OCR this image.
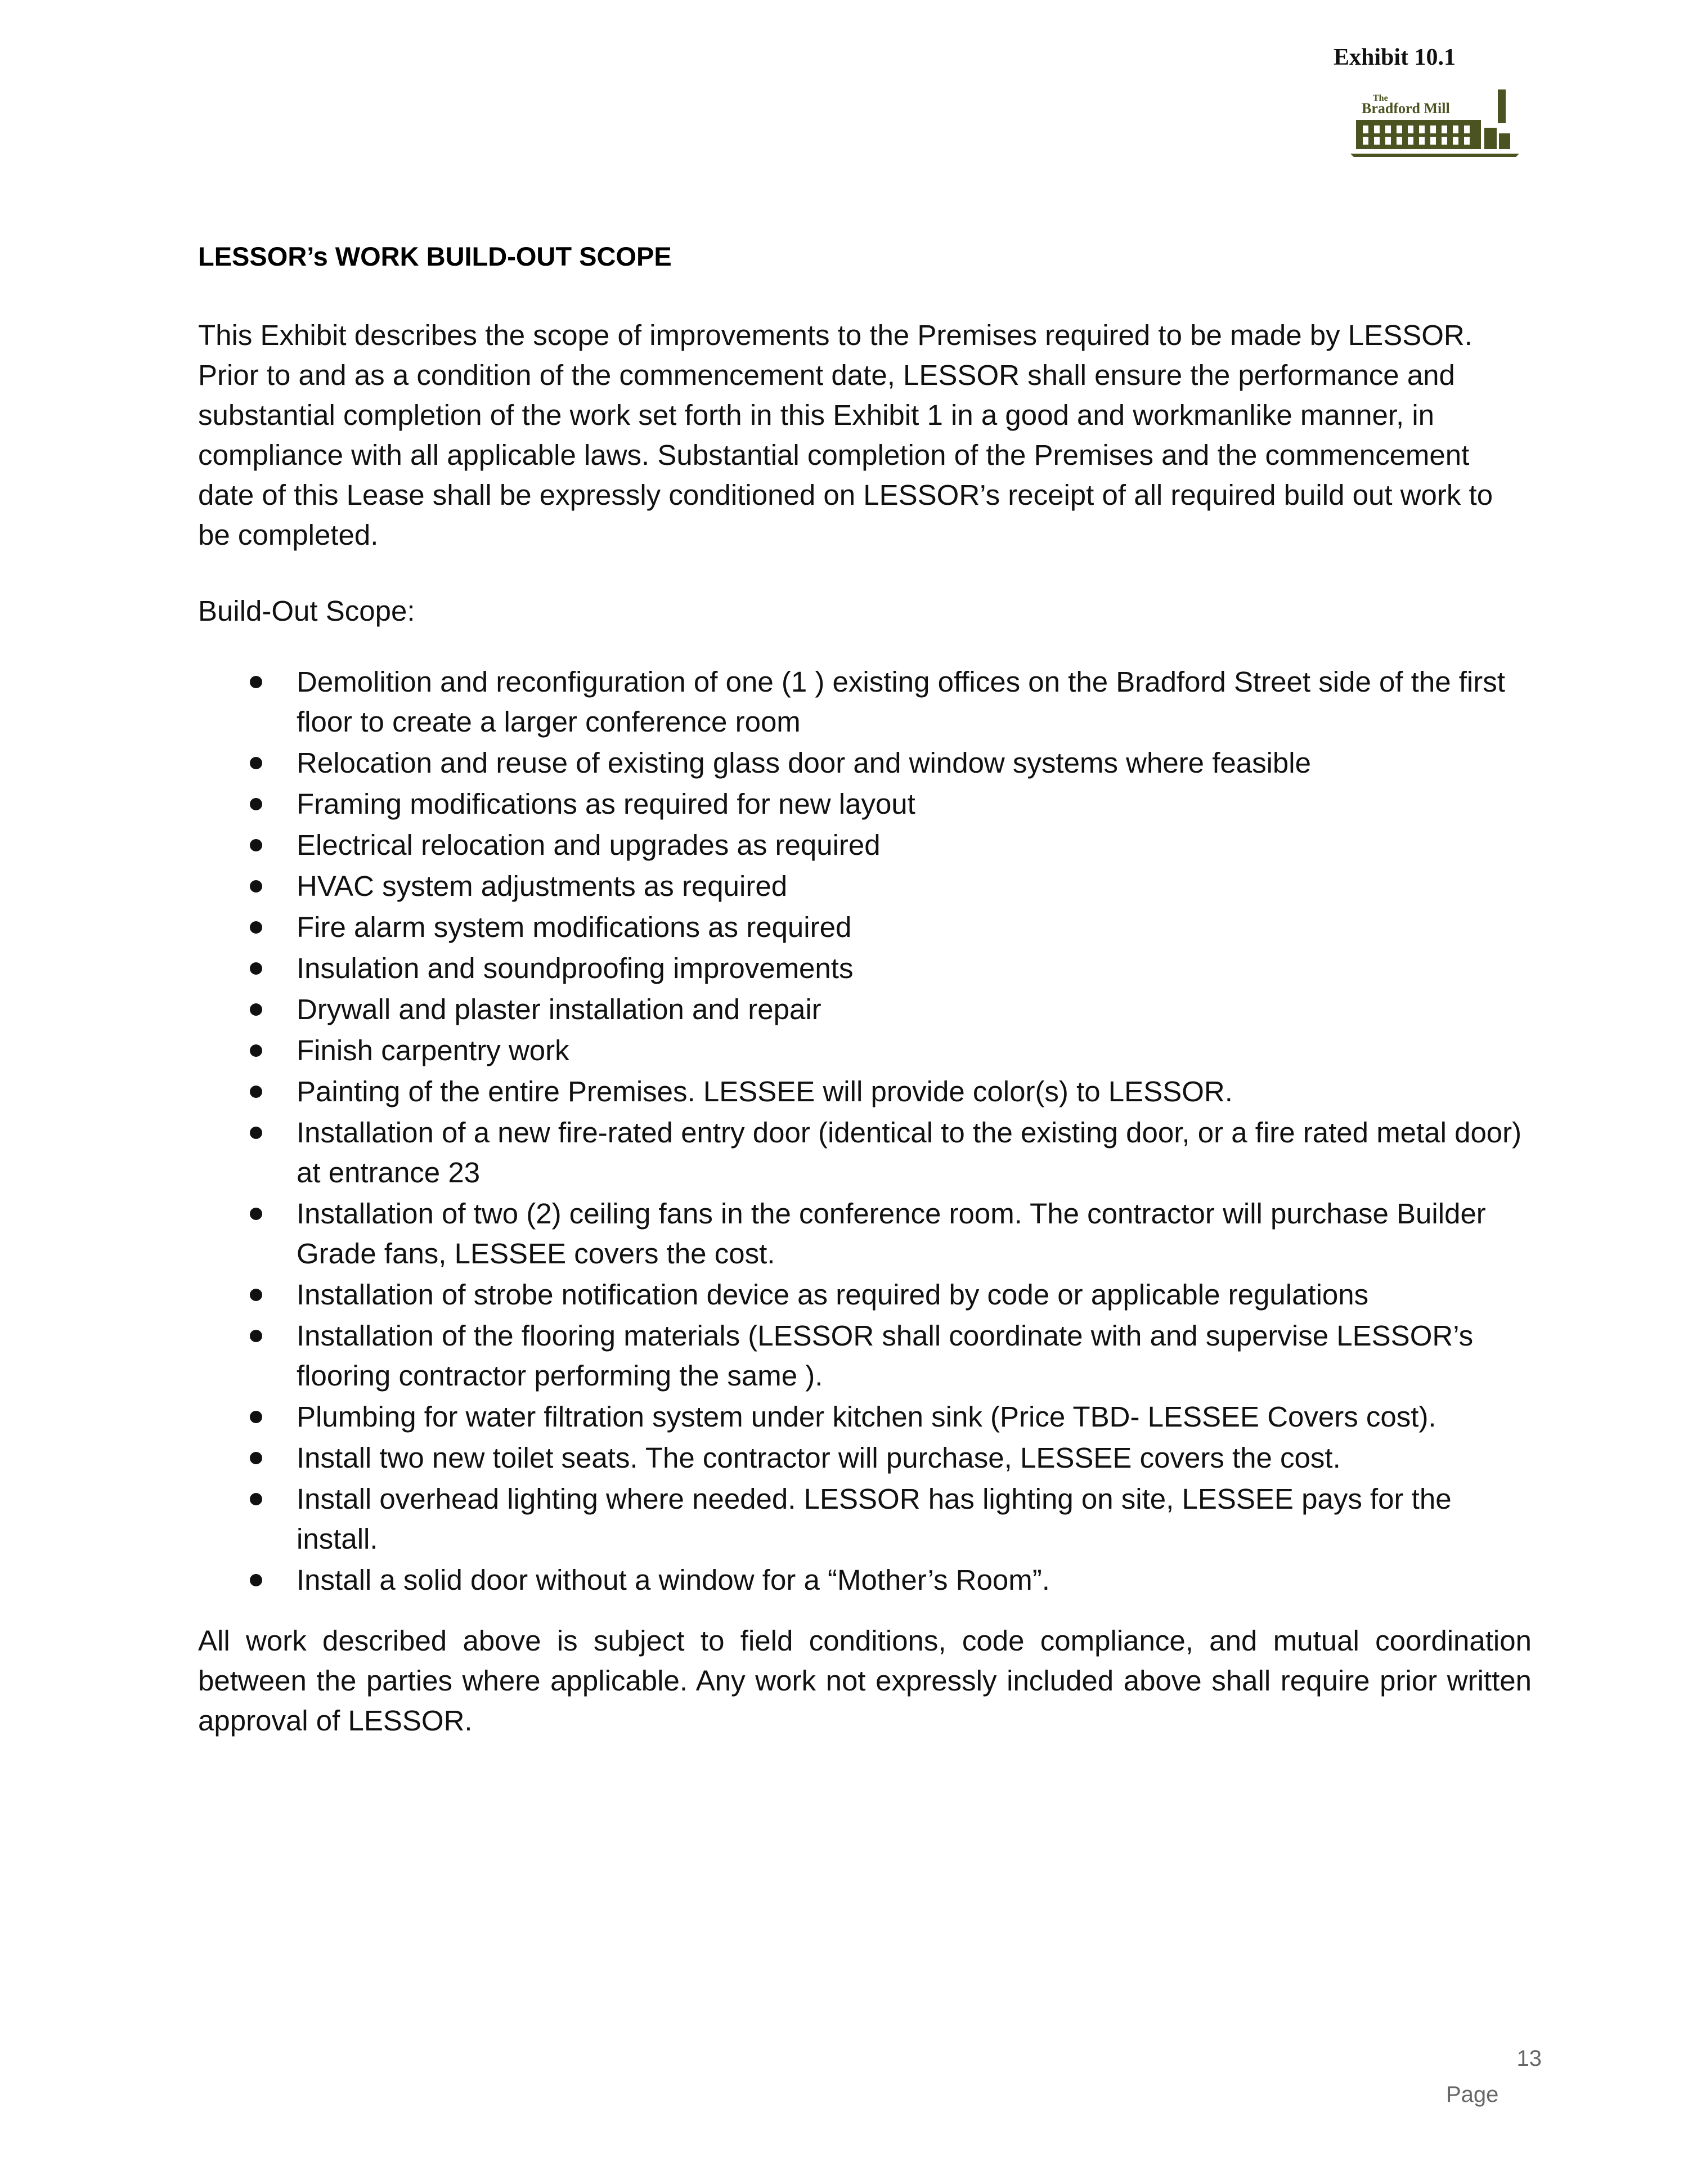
Exhibit 10.1
The
Bradford Mill
LESSOR’s WORK BUILD-OUT SCOPE

This Exhibit describes the scope of improvements to the Premises required to be made by LESSOR. Prior to and as a condition of the commencement date, LESSOR shall ensure the performance and substantial completion of the work set forth in this Exhibit 1 in a good and workmanlike manner, in compliance with all applicable laws. Substantial completion of the Premises and the commencement date of this Lease shall be expressly conditioned on LESSOR’s receipt of all required build out work to be completed.

Build-Out Scope:

Demolition and reconfiguration of one (1 ) existing offices on the Bradford Street side of the first floor to create a larger conference room
Relocation and reuse of existing glass door and window systems where feasible
Framing modifications as required for new layout
Electrical relocation and upgrades as required
HVAC system adjustments as required
Fire alarm system modifications as required
Insulation and soundproofing improvements
Drywall and plaster installation and repair
Finish carpentry work
Painting of the entire Premises. LESSEE will provide color(s) to LESSOR.
Installation of a new fire-rated entry door (identical to the existing door, or a fire rated metal door) at entrance 23
Installation of two (2) ceiling fans in the conference room. The contractor will purchase Builder Grade fans, LESSEE covers the cost.
Installation of strobe notification device as required by code or applicable regulations
Installation of the flooring materials (LESSOR shall coordinate with and supervise LESSOR’s flooring contractor performing the same ).
Plumbing for water filtration system under kitchen sink (Price TBD- LESSEE Covers cost).
Install two new toilet seats. The contractor will purchase, LESSEE covers the cost.
Install overhead lighting where needed. LESSOR has lighting on site, LESSEE pays for the install.
Install a solid door without a window for a “Mother’s Room”.

All work described above is subject to field conditions, code compliance, and mutual coordination between the parties where applicable. Any work not expressly included above shall require prior written approval of LESSOR.

13
Page
